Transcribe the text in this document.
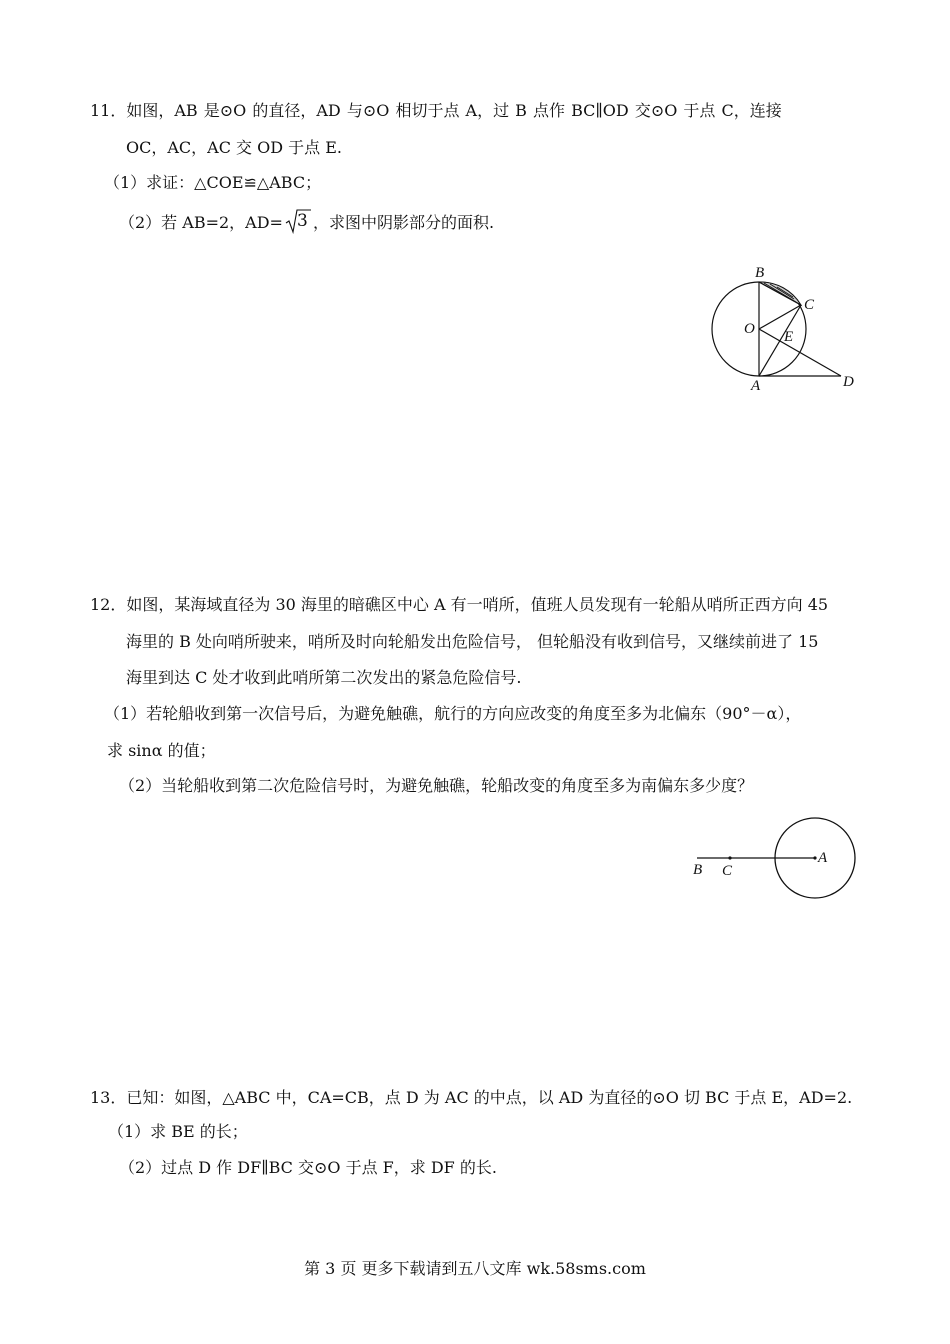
11．如图，AB 是⊙O 的直径，AD 与⊙O 相切于点 A，过 B 点作 BC∥OD 交⊙O 于点 C，连接
OC，AC，AC 交 OD 于点 E.
（1）求证：△COE≌△ABC；
（2）若 AB=2，AD= 3 ，求图中阴影部分的面积.
B
C
O E
A	D
12．如图，某海域直径为 30 海里的暗礁区中心 A 有一哨所，值班人员发现有一轮船从哨所正西方向 45
海里的 B 处向哨所驶来，哨所及时向轮船发出危险信号， 但轮船没有收到信号，又继续前进了 15
海里到达 C 处才收到此哨所第二次发出的紧急危险信号.
（1）若轮船收到第一次信号后，为避免触礁，航行的方向应改变的角度至多为北偏东（90°－α），
求 sinα 的值；
（2）当轮船收到第二次危险信号时，为避免触礁，轮船改变的角度至多为南偏东多少度？
B C
A
13．已知：如图，△ABC 中，CA=CB，点 D 为 AC 的中点，以 AD 为直径的⊙O 切 BC 于点 E，AD=2.
（1）求 BE 的长；
（2）过点 D 作 DF∥BC 交⊙O 于点 F，求 DF 的长.
第 3 页 更多下载请到五八文库 wk.58sms.com
